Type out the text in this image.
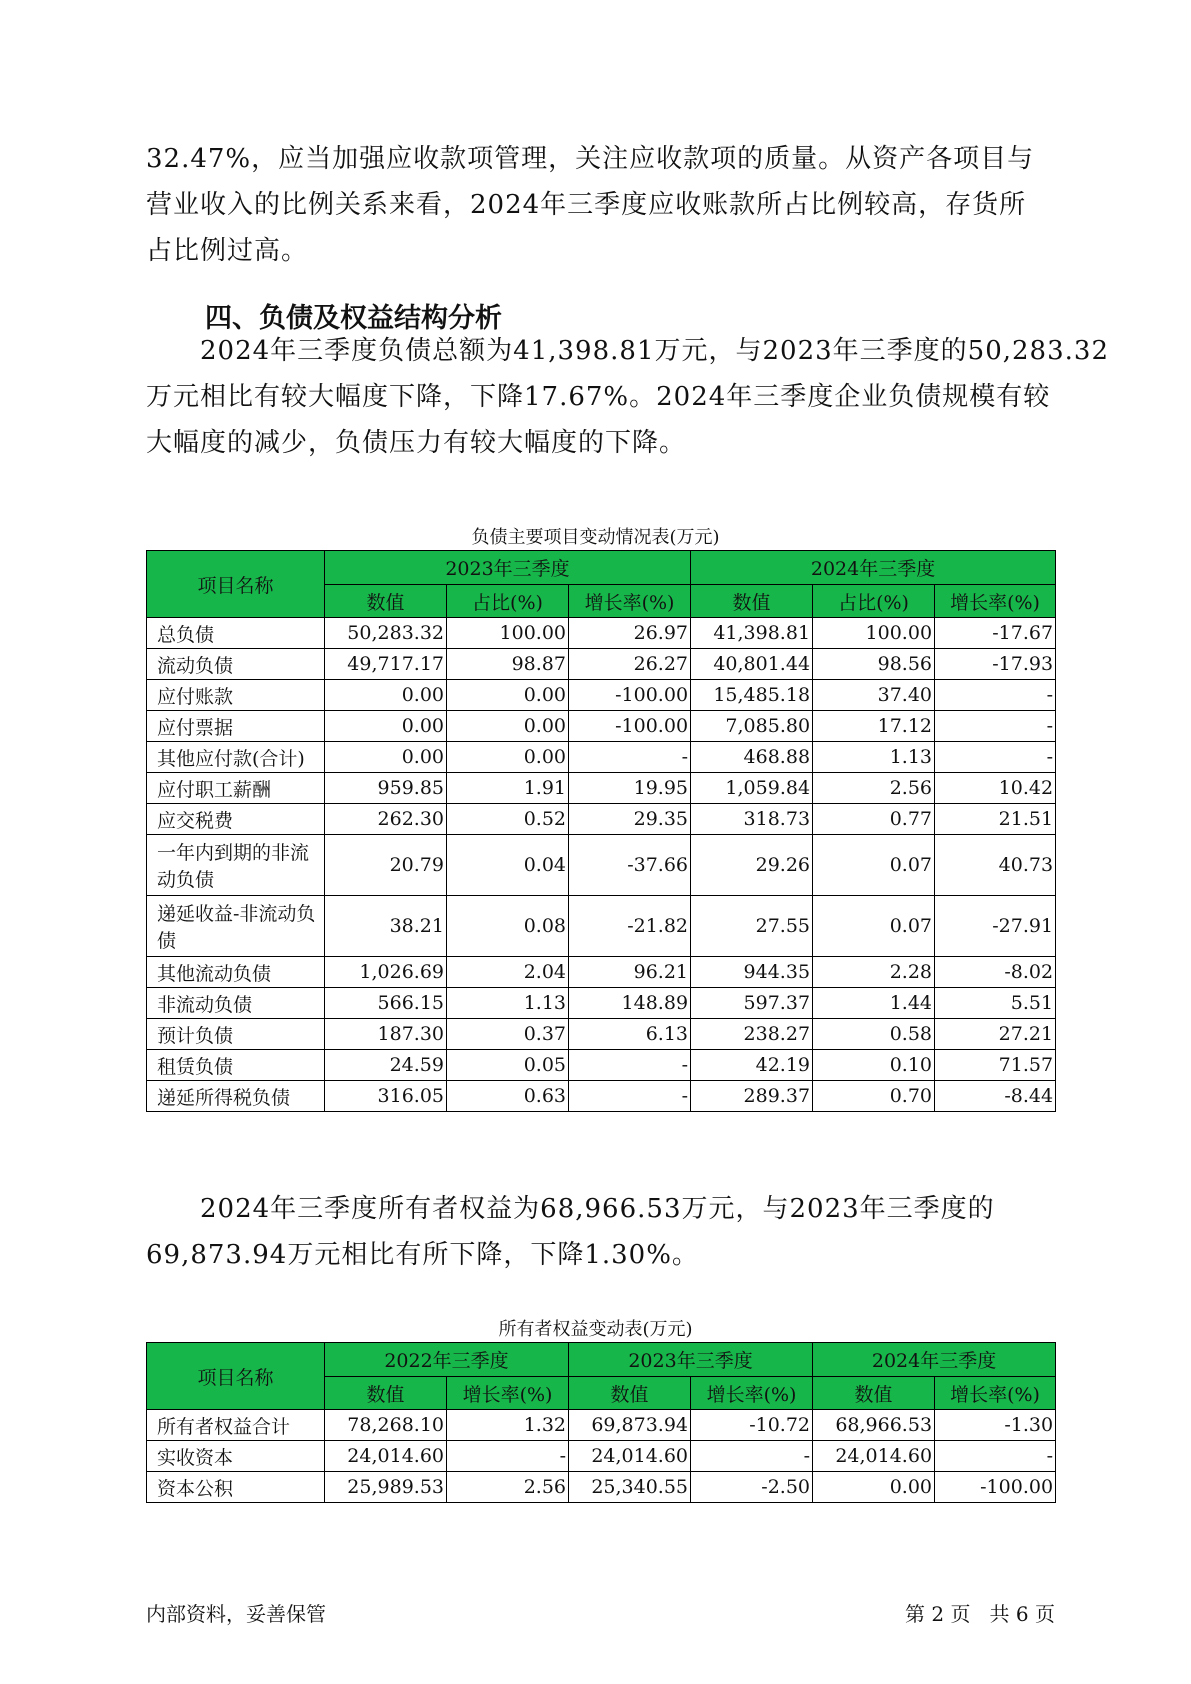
32.47%，应当加强应收款项管理，关注应收款项的质量。从资产各项目与
营业收入的比例关系来看，2024年三季度应收账款所占比例较高，存货所
占比例过高。

四、负债及权益结构分析

2024年三季度负债总额为41,398.81万元，与2023年三季度的50,283.32
万元相比有较大幅度下降，下降17.67%。2024年三季度企业负债规模有较
大幅度的减少，负债压力有较大幅度的下降。

负债主要项目变动情况表(万元)

项目名称	2023年三季度			2024年三季度		
	数值	占比(%)	增长率(%)	数值	占比(%)	增长率(%)
总负债	50,283.32	100.00	26.97	41,398.81	100.00	-17.67
流动负债	49,717.17	98.87	26.27	40,801.44	98.56	-17.93
应付账款	0.00	0.00	-100.00	15,485.18	37.40	-
应付票据	0.00	0.00	-100.00	7,085.80	17.12	-
其他应付款(合计)	0.00	0.00	-	468.88	1.13	-
应付职工薪酬	959.85	1.91	19.95	1,059.84	2.56	10.42
应交税费	262.30	0.52	29.35	318.73	0.77	21.51
一年内到期的非流动负债	20.79	0.04	-37.66	29.26	0.07	40.73
递延收益-非流动负债	38.21	0.08	-21.82	27.55	0.07	-27.91
其他流动负债	1,026.69	2.04	96.21	944.35	2.28	-8.02
非流动负债	566.15	1.13	148.89	597.37	1.44	5.51
预计负债	187.30	0.37	6.13	238.27	0.58	27.21
租赁负债	24.59	0.05	-	42.19	0.10	71.57
递延所得税负债	316.05	0.63	-	289.37	0.70	-8.44

2024年三季度所有者权益为68,966.53万元，与2023年三季度的
69,873.94万元相比有所下降，下降1.30%。

所有者权益变动表(万元)

项目名称	2022年三季度		2023年三季度		2024年三季度	
	数值	增长率(%)	数值	增长率(%)	数值	增长率(%)
所有者权益合计	78,268.10	1.32	69,873.94	-10.72	68,966.53	-1.30
实收资本	24,014.60	-	24,014.60	-	24,014.60	-
资本公积	25,989.53	2.56	25,340.55	-2.50	0.00	-100.00

内部资料，妥善保管	第 2 页   共 6 页
